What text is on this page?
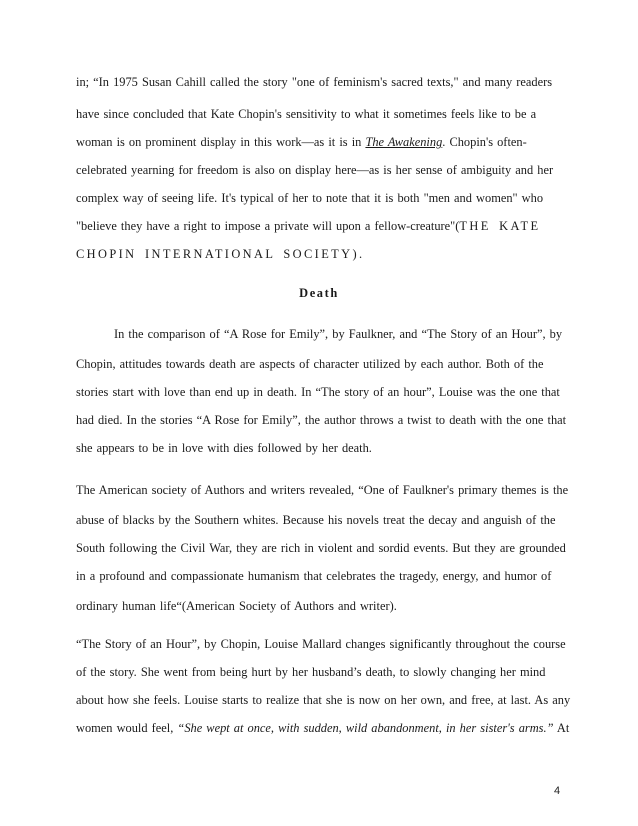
in; “In 1975 Susan Cahill called the story "one of feminism's sacred texts," and many readers
have since concluded that Kate Chopin's sensitivity to what it sometimes feels like to be a
woman is on prominent display in this work—as it is in The Awakening. Chopin's often-
celebrated yearning for freedom is also on display here—as is her sense of ambiguity and her
complex way of seeing life. It's typical of her to note that it is both "men and women" who
"believe they have a right to impose a private will upon a fellow-creature"(THE KATE
CHOPIN INTERNATIONAL SOCIETY).
Death
In the comparison of “A Rose for Emily”, by Faulkner, and “The Story of an Hour”, by
Chopin, attitudes towards death are aspects of character utilized by each author. Both of the
stories start with love than end up in death. In “The story of an hour”, Louise was the one that
had died. In the stories “A Rose for Emily”, the author throws a twist to death with the one that
she appears to be in love with dies followed by her death.
The American society of Authors and writers revealed, “One of Faulkner's primary themes is the
abuse of blacks by the Southern whites. Because his novels treat the decay and anguish of the
South following the Civil War, they are rich in violent and sordid events. But they are grounded
in a profound and compassionate humanism that celebrates the tragedy, energy, and humor of
ordinary human life“(American Society of Authors and writer).
“The Story of an Hour”, by Chopin, Louise Mallard changes significantly throughout the course
of the story. She went from being hurt by her husband’s death, to slowly changing her mind
about how she feels. Louise starts to realize that she is now on her own, and free, at last. As any
women would feel, “She wept at once, with sudden, wild abandonment, in her sister's arms.” At
4
